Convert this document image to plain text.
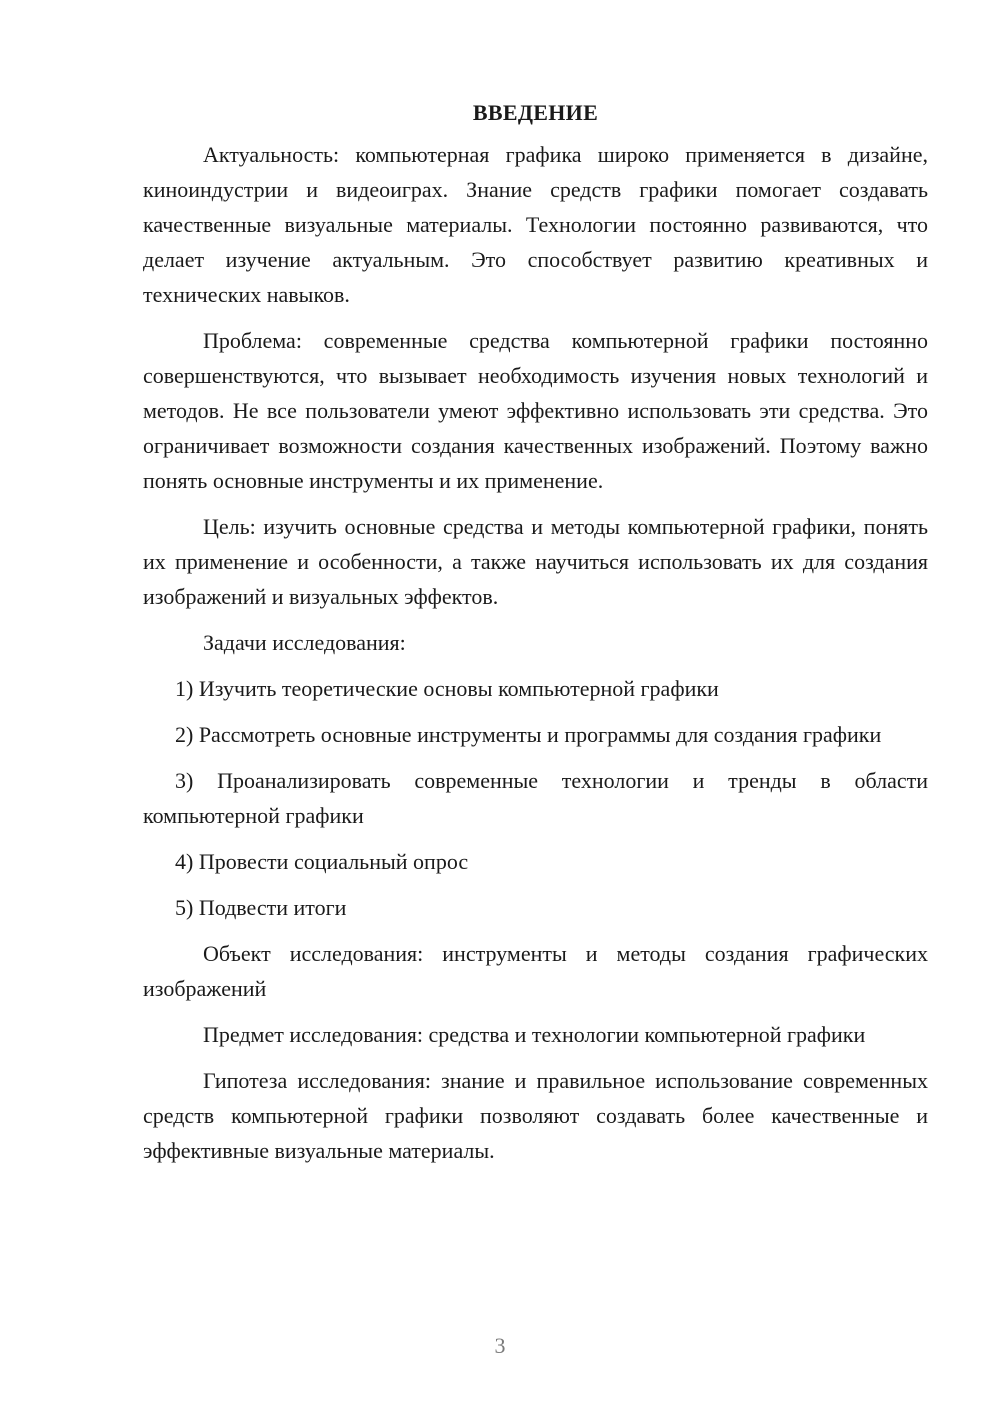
ВВЕДЕНИЕ

Актуальность: компьютерная графика широко применяется в дизайне, киноиндустрии и видеоиграх. Знание средств графики помогает создавать качественные визуальные материалы. Технологии постоянно развиваются, что делает изучение актуальным. Это способствует развитию креативных и технических навыков.

Проблема: современные средства компьютерной графики постоянно совершенствуются, что вызывает необходимость изучения новых технологий и методов. Не все пользователи умеют эффективно использовать эти средства. Это ограничивает возможности создания качественных изображений. Поэтому важно понять основные инструменты и их применение.

Цель: изучить основные средства и методы компьютерной графики, понять их применение и особенности, а также научиться использовать их для создания изображений и визуальных эффектов.

Задачи исследования:

1) Изучить теоретические основы компьютерной графики

2) Рассмотреть основные инструменты и программы для создания графики

3) Проанализировать современные технологии и тренды в области компьютерной графики

4) Провести социальный опрос

5) Подвести итоги

Объект исследования: инструменты и методы создания графических изображений

Предмет исследования: средства и технологии компьютерной графики

Гипотеза исследования: знание и правильное использование современных средств компьютерной графики позволяют создавать более качественные и эффективные визуальные материалы.

3
